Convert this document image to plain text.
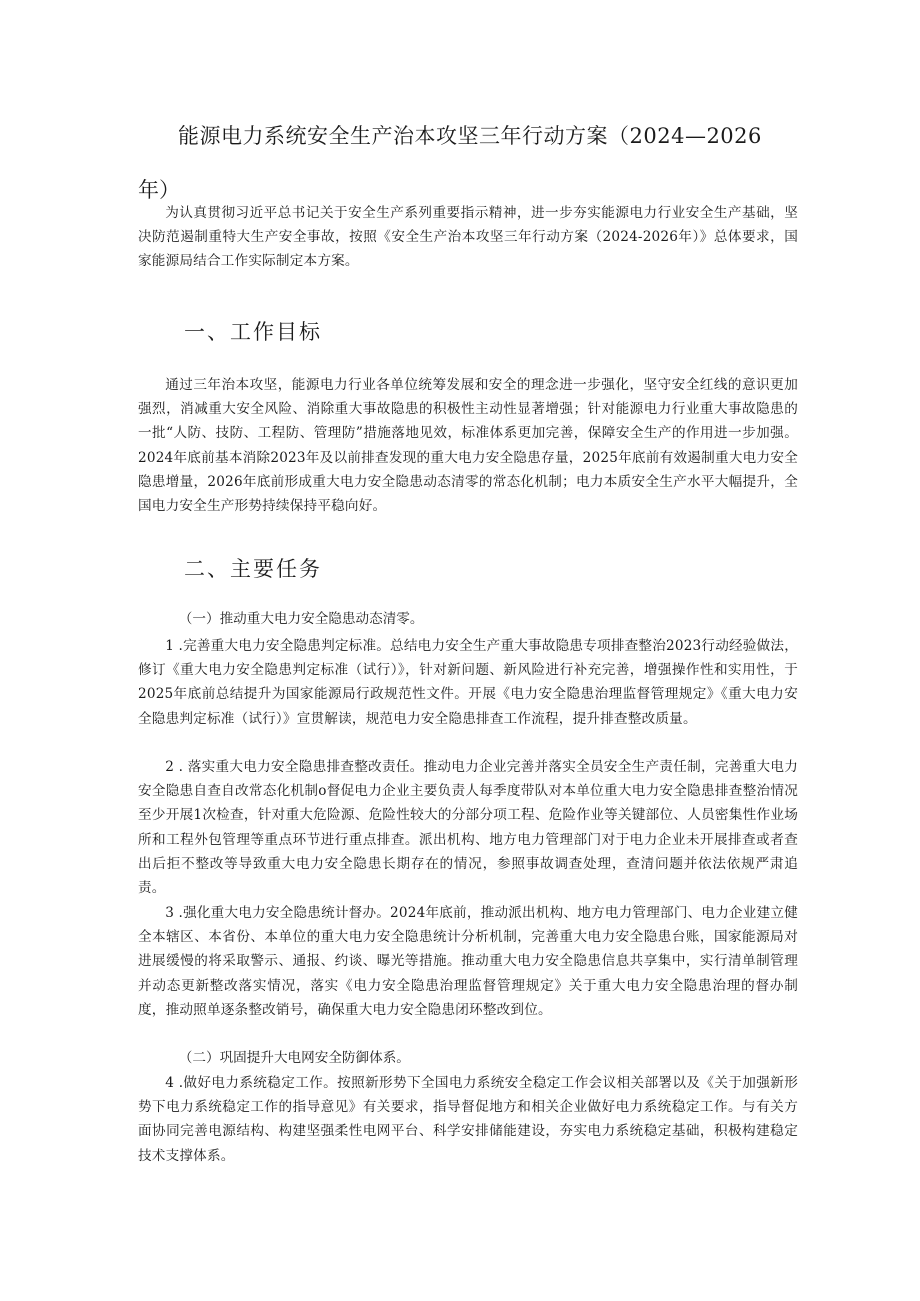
能源电力系统安全生产治本攻坚三年行动方案（2024—2026
年）

为认真贯彻习近平总书记关于安全生产系列重要指示精神，进一步夯实能源电力行业安全生产基础，坚决防范遏制重特大生产安全事故，按照《安全生产治本攻坚三年行动方案（2024-2026年）》总体要求，国家能源局结合工作实际制定本方案。

一、工作目标

通过三年治本攻坚，能源电力行业各单位统筹发展和安全的理念进一步强化，坚守安全红线的意识更加强烈，消减重大安全风险、消除重大事故隐患的积极性主动性显著增强；针对能源电力行业重大事故隐患的一批“人防、技防、工程防、管理防”措施落地见效，标准体系更加完善，保障安全生产的作用进一步加强。2024年底前基本消除2023年及以前排查发现的重大电力安全隐患存量，2025年底前有效遏制重大电力安全隐患增量，2026年底前形成重大电力安全隐患动态清零的常态化机制；电力本质安全生产水平大幅提升，全国电力安全生产形势持续保持平稳向好。

二、主要任务
（一）推动重大电力安全隐患动态清零。

1 .完善重大电力安全隐患判定标准。总结电力安全生产重大事故隐患专项排查整治2023行动经验做法，修订《重大电力安全隐患判定标准（试行）》，针对新问题、新风险进行补充完善，增强操作性和实用性，于2025年底前总结提升为国家能源局行政规范性文件。开展《电力安全隐患治理监督管理规定》《重大电力安全隐患判定标准（试行）》宣贯解读，规范电力安全隐患排查工作流程，提升排查整改质量。

2 . 落实重大电力安全隐患排查整改责任。推动电力企业完善并落实全员安全生产责任制，完善重大电力安全隐患自查自改常态化机制o督促电力企业主要负责人每季度带队对本单位重大电力安全隐患排查整治情况至少开展1次检查，针对重大危险源、危险性较大的分部分项工程、危险作业等关键部位、人员密集性作业场所和工程外包管理等重点环节进行重点排查。派出机构、地方电力管理部门对于电力企业未开展排查或者查出后拒不整改等导致重大电力安全隐患长期存在的情况，参照事故调查处理，查清问题并依法依规严肃追责。

3 .强化重大电力安全隐患统计督办。2024年底前，推动派出机构、地方电力管理部门、电力企业建立健全本辖区、本省份、本单位的重大电力安全隐患统计分析机制，完善重大电力安全隐患台账，国家能源局对进展缓慢的将采取警示、通报、约谈、曝光等措施。推动重大电力安全隐患信息共享集中，实行清单制管理并动态更新整改落实情况，落实《电力安全隐患治理监督管理规定》关于重大电力安全隐患治理的督办制度，推动照单逐条整改销号，确保重大电力安全隐患闭环整改到位。

（二）巩固提升大电网安全防御体系。

4 .做好电力系统稳定工作。按照新形势下全国电力系统安全稳定工作会议相关部署以及《关于加强新形势下电力系统稳定工作的指导意见》有关要求，指导督促地方和相关企业做好电力系统稳定工作。与有关方面协同完善电源结构、构建坚强柔性电网平台、科学安排储能建设，夯实电力系统稳定基础，积极构建稳定技术支撑体系。
